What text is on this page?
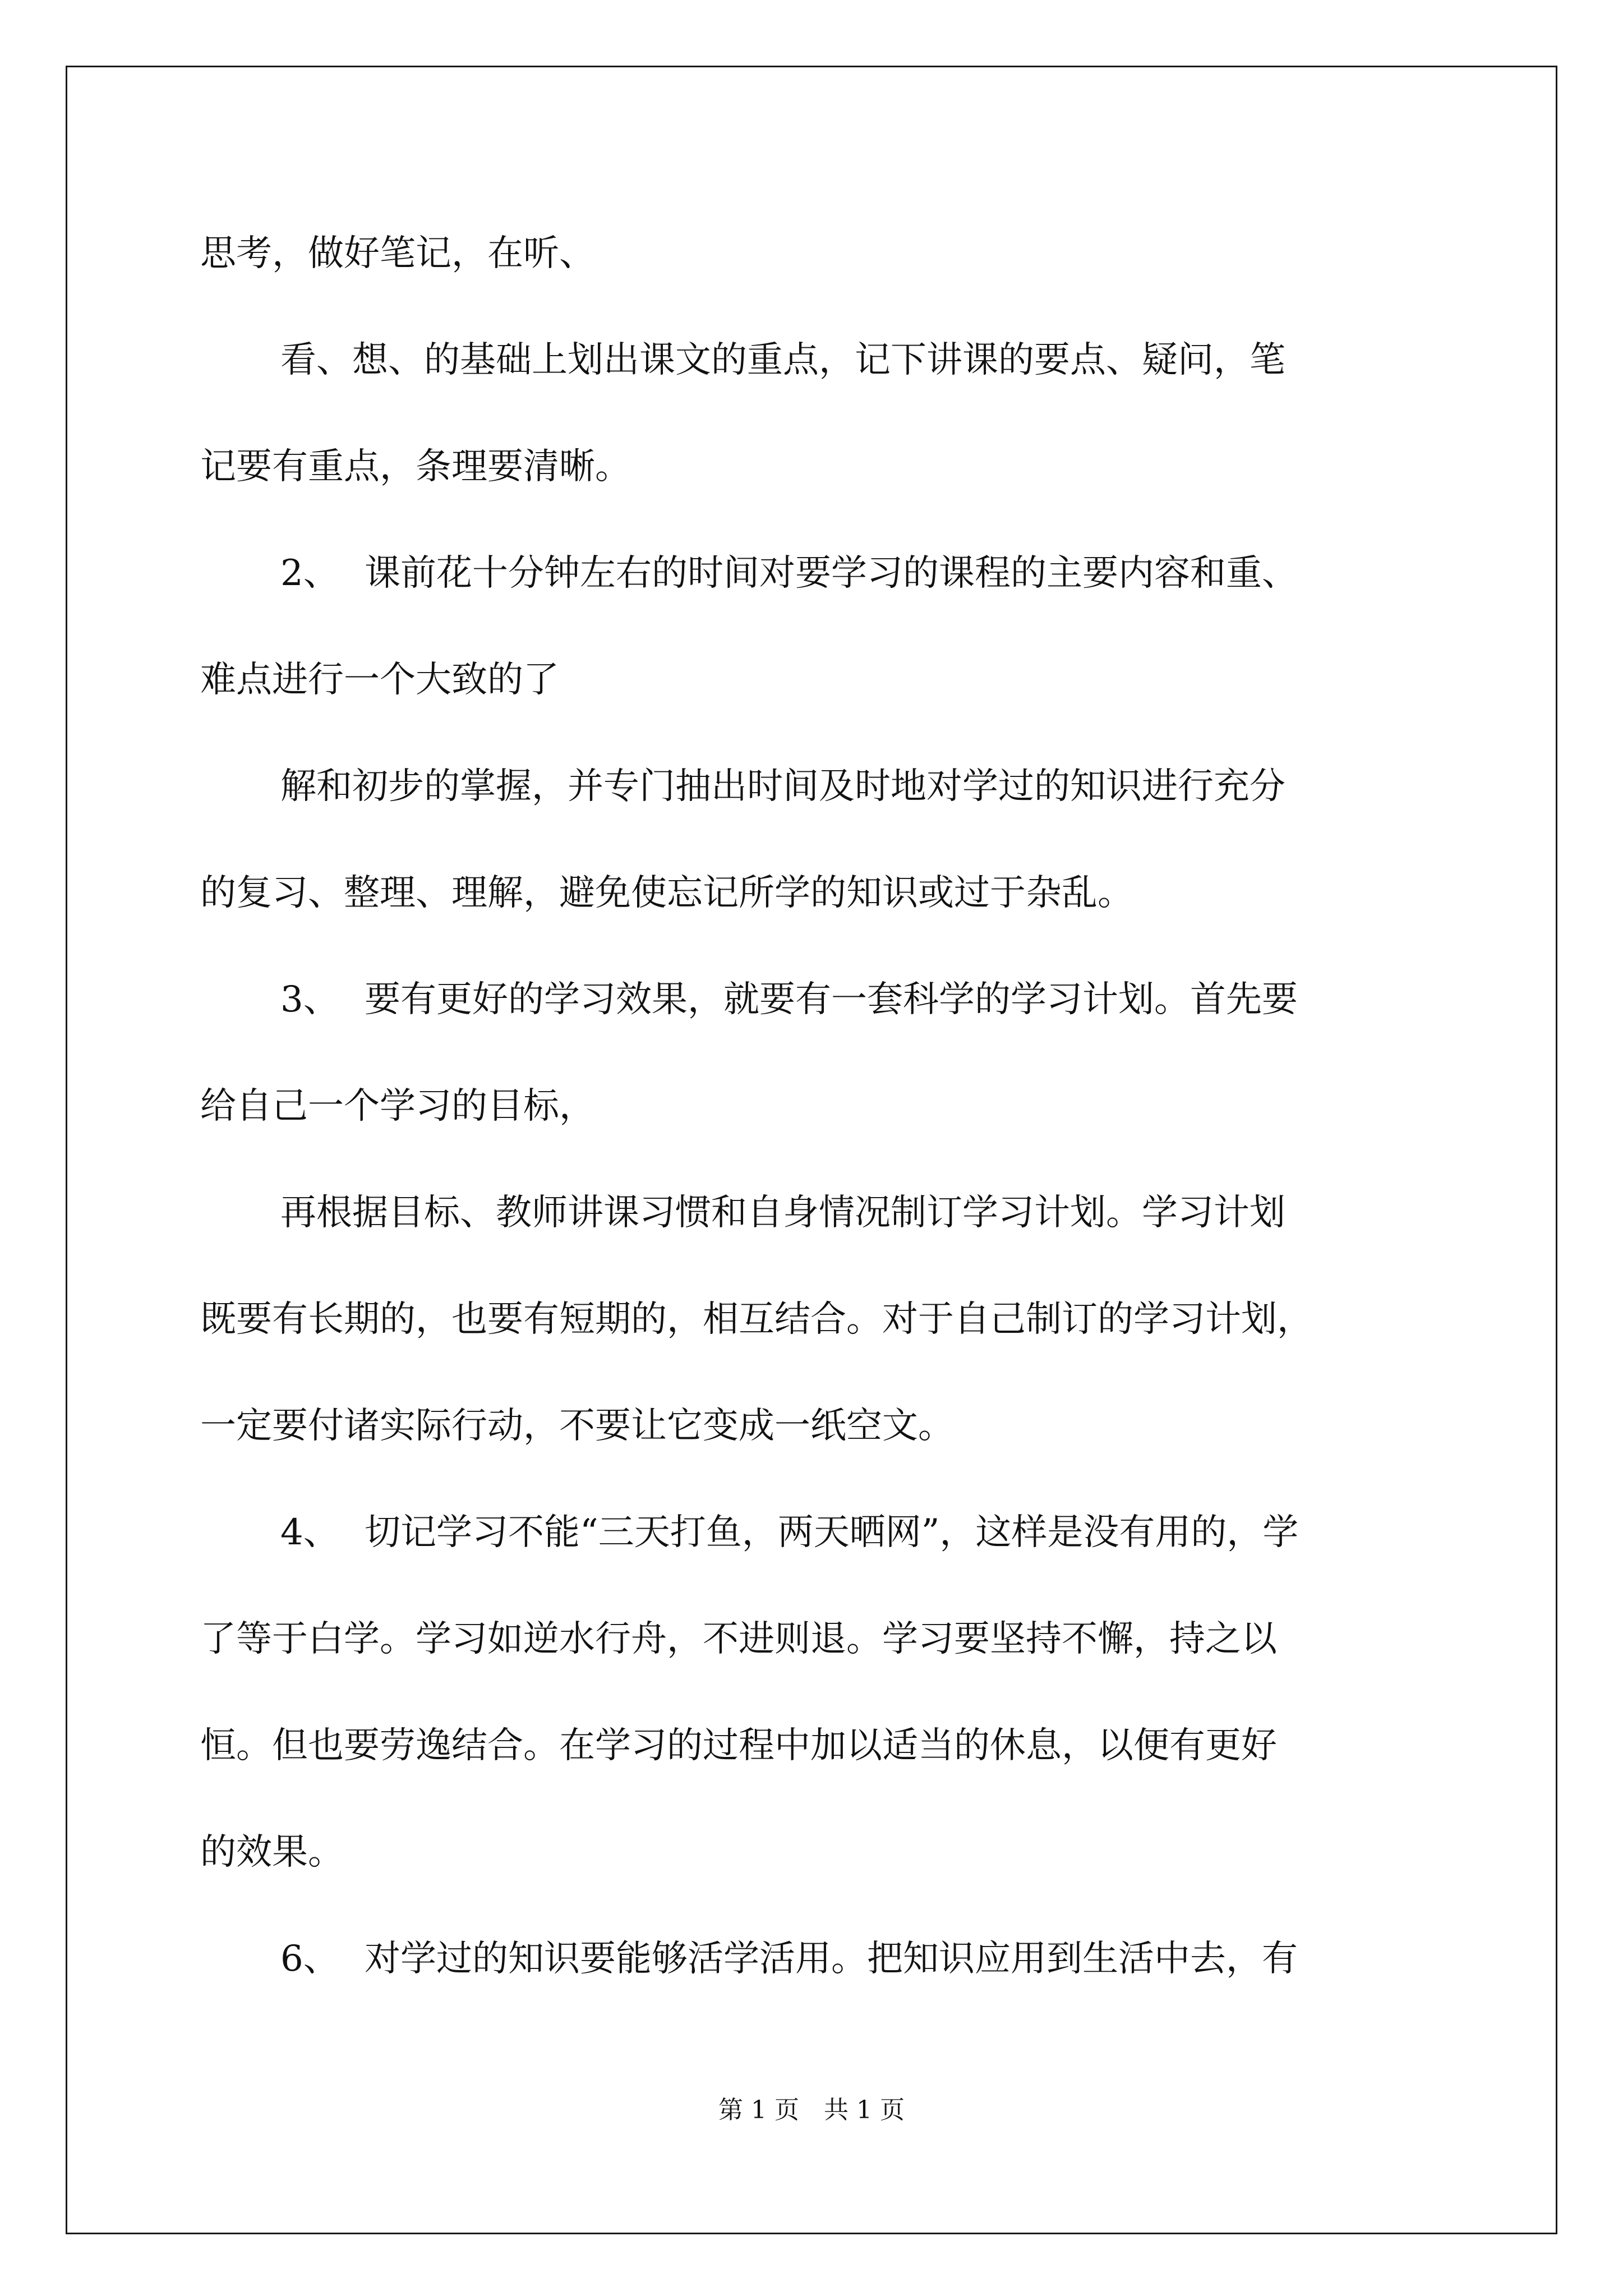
思考，做好笔记，在听、
看、想、的基础上划出课文的重点，记下讲课的要点、疑问，笔
记要有重点，条理要清晰。
2、 课前花十分钟左右的时间对要学习的课程的主要内容和重、
难点进行一个大致的了
解和初步的掌握，并专门抽出时间及时地对学过的知识进行充分
的复习、整理、理解，避免使忘记所学的知识或过于杂乱。
3、 要有更好的学习效果，就要有一套科学的学习计划。首先要
给自己一个学习的目标，
再根据目标、教师讲课习惯和自身情况制订学习计划。学习计划
既要有长期的，也要有短期的，相互结合。对于自己制订的学习计划，
一定要付诸实际行动，不要让它变成一纸空文。
4、 切记学习不能“三天打鱼，两天晒网”，这样是没有用的，学
了等于白学。学习如逆水行舟，不进则退。学习要坚持不懈，持之以
恒。但也要劳逸结合。在学习的过程中加以适当的休息，以便有更好
的效果。
6、 对学过的知识要能够活学活用。把知识应用到生活中去，有
第 1 页　共 1 页
